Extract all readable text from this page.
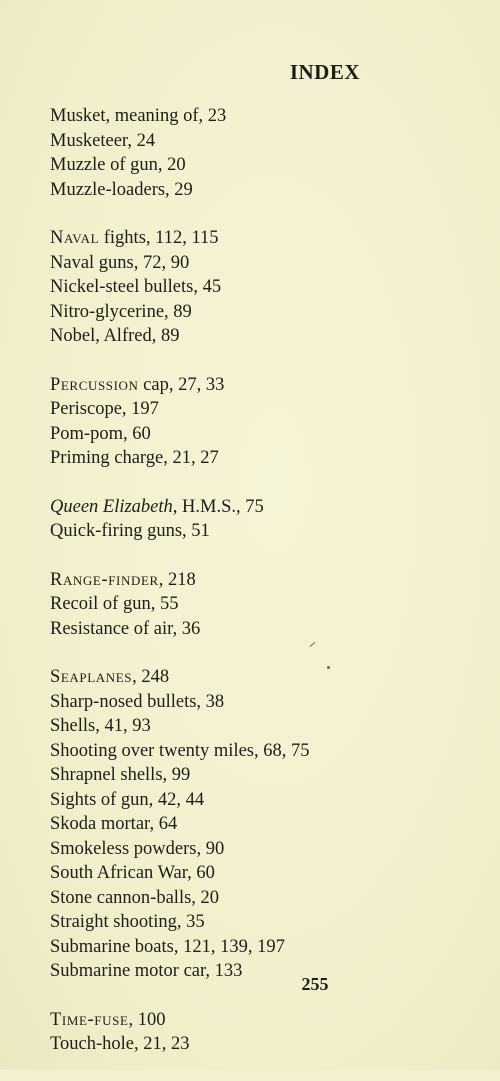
INDEX
Musket, meaning of, 23
Musketeer, 24
Muzzle of gun, 20
Muzzle-loaders, 29
Naval fights, 112, 115
Naval guns, 72, 90
Nickel-steel bullets, 45
Nitro-glycerine, 89
Nobel, Alfred, 89
Percussion cap, 27, 33
Periscope, 197
Pom-pom, 60
Priming charge, 21, 27
Queen Elizabeth, H.M.S., 75
Quick-firing guns, 51
Range-finder, 218
Recoil of gun, 55
Resistance of air, 36
Seaplanes, 248
Sharp-nosed bullets, 38
Shells, 41, 93
Shooting over twenty miles, 68, 75
Shrapnel shells, 99
Sights of gun, 42, 44
Skoda mortar, 64
Smokeless powders, 90
South African War, 60
Stone cannon-balls, 20
Straight shooting, 35
Submarine boats, 121, 139, 197
Submarine motor car, 133
Time-fuse, 100
Touch-hole, 21, 23
255
